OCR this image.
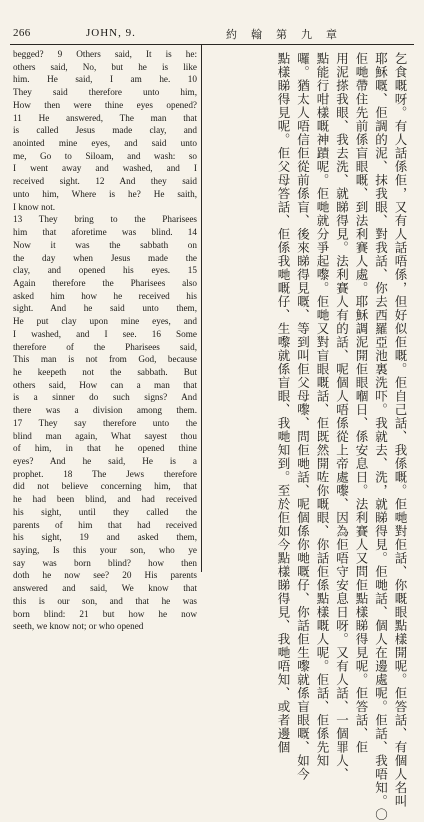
266	JOHN, 9.	約翰第九章
begged? 9 Others said, It is he:
others said, No, but he is like
him. He said, I am he. 10
They said therefore unto him,
How then were thine eyes opened?
11 He answered, The man that
is called Jesus made clay, and
anointed mine eyes, and said unto
me, Go to Siloam, and wash: so
I went away and washed, and I
received sight. 12 And they said
unto him, Where is he? He saith,
I know not.
13 They bring to the Pharisees
him that aforetime was blind. 14
Now it was the sabbath on
the day when Jesus made the
clay, and opened his eyes. 15
Again therefore the Pharisees also
asked him how he received his
sight. And he said unto them,
He put clay upon mine eyes, and
I washed, and I see. 16 Some
therefore of the Pharisees said,
This man is not from God, because
he keepeth not the sabbath. But
others said, How can a man that
is a sinner do such signs? And
there was a division among them.
17 They say therefore unto the
blind man again, What sayest thou
of him, in that he opened thine
eyes? And he said, He is a
prophet. 18 The Jews therefore
did not believe concerning him, that
he had been blind, and had received
his sight, until they called the
parents of him that had received
his sight, 19 and asked them,
saying, Is this your son, who ye
say was born blind? how then
doth he now see? 20 His parents
answered and said, We know that
this is our son, and that he was
born blind: 21 but how he now
seeth, we know not; or who opened	乞食嘅呀。有人話係佢，又有人話唔係，但好似佢嘅。佢自己話、我係嘅。佢哋對佢話、你嘅眼點樣開呢。佢答話、有個人名叫
耶穌嘅、佢調的泥、抹我眼、對我話、你去西羅亞池裏洗吓。我就去、洗，就睇得見。佢哋話、個人在邊處呢。佢話、我唔知。〇
佢哋帶住先前係盲眼嘅、到法利賽人處。耶穌調泥開佢眼嗰日、係安息日。法利賽人又問佢點樣睇得見呢。佢答話、佢
用泥搽我眼、我去洗、就睇得見。法利賽人有的話、呢個人唔係從上帝處嚟、因為佢唔守安息日呀。又有人話、一個罪人、
點能行咁樣嘅神蹟呢。佢哋就分爭起嚟。佢哋又對盲眼嘅話、佢既然開咗你嘅眼、你話佢係點樣嘅人呢。佢話、佢係先知
囉。猶太人唔信佢從前係盲、後來睇得見嘅、等到叫佢父母嚟、問佢哋話、呢個係你哋嘅仔、你話佢生嚟就係盲眼嘅、如今
點樣睇得見呢。佢父母答話、佢係我哋嘅仔、生嚟就係盲眼、我哋知到。至於佢如今點樣睇得見、我哋唔知、或者邊個
